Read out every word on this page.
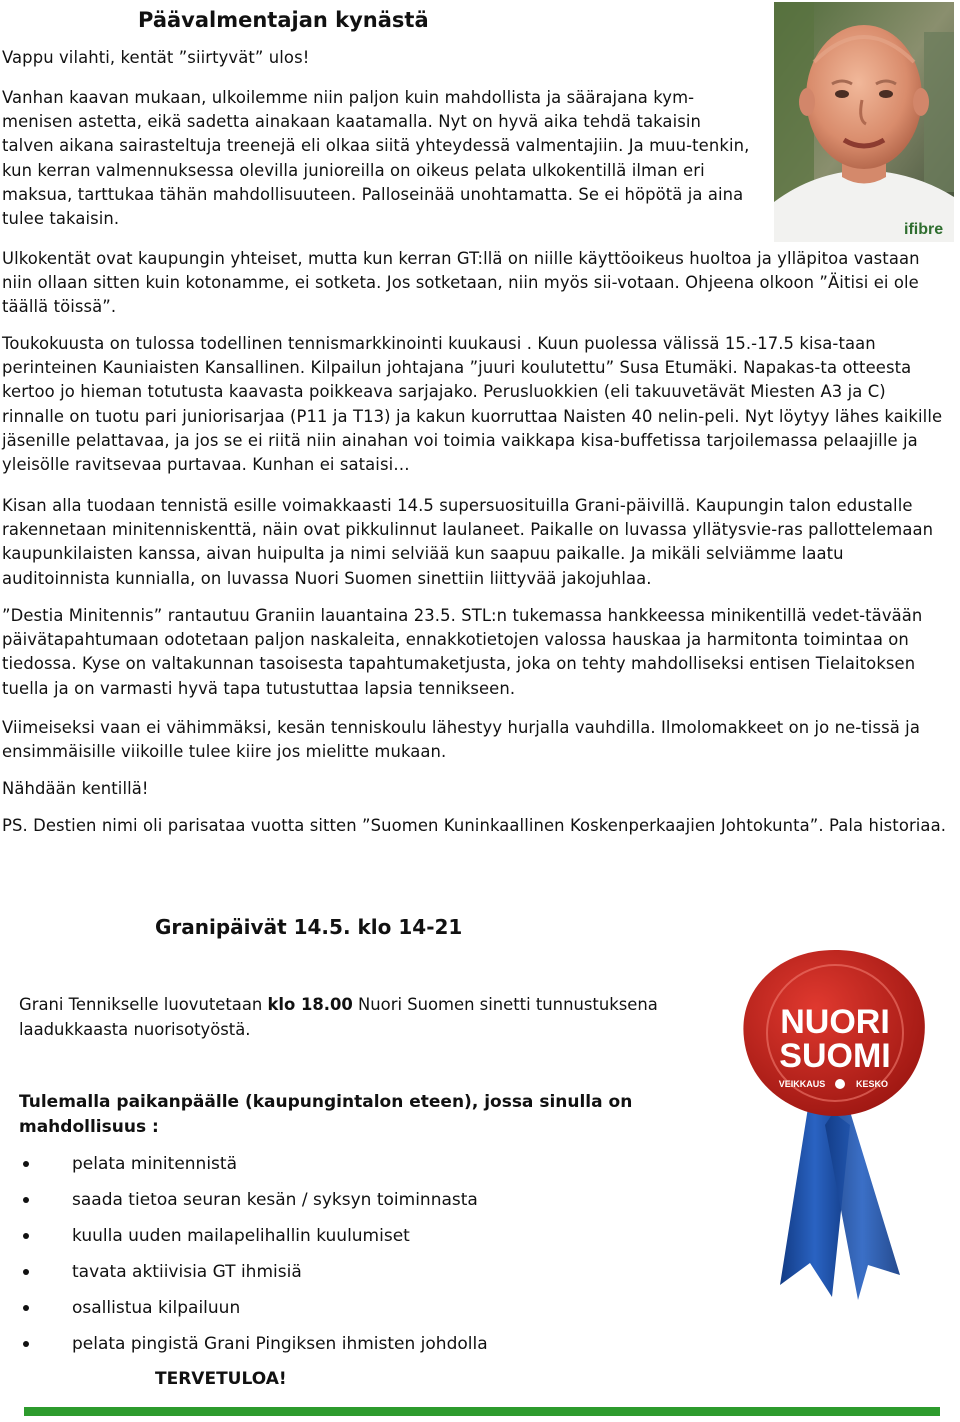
Päävalmentajan kynästä
ifibre

Vappu vilahti, kentät ”siirtyvät” ulos!

Vanhan kaavan mukaan, ulkoilemme niin paljon kuin mahdollista ja säärajana kym-menisen astetta, eikä sadetta ainakaan kaatamalla. Nyt on hyvä aika tehdä takaisin talven aikana sairasteltuja treenejä eli olkaa siitä yhteydessä valmentajiin. Ja muu-tenkin, kun kerran valmennuksessa olevilla junioreilla on oikeus pelata ulkokentillä ilman eri maksua, tarttukaa tähän mahdollisuuteen. Palloseinää unohtamatta. Se ei höpötä ja aina tulee takaisin.

Ulkokentät ovat kaupungin yhteiset, mutta kun kerran GT:llä on niille käyttöoikeus huoltoa ja ylläpitoa vastaan niin ollaan sitten kuin kotonamme, ei sotketa. Jos sotketaan, niin myös sii-votaan. Ohjeena olkoon ”Äitisi ei ole täällä töissä”.

Toukokuusta on tulossa todellinen tennismarkkinointi kuukausi . Kuun puolessa välissä 15.-17.5 kisa-taan perinteinen Kauniaisten Kansallinen. Kilpailun johtajana ”juuri koulutettu” Susa Etumäki. Napakas-ta otteesta kertoo jo hieman totutusta kaavasta poikkeava sarjajako. Perusluokkien (eli takuuvetävät Miesten A3 ja C) rinnalle on tuotu pari juniorisarjaa (P11 ja T13) ja kakun kuorruttaa Naisten 40 nelin-peli. Nyt löytyy lähes kaikille jäsenille pelattavaa, ja jos se ei riitä niin ainahan voi toimia vaikkapa kisa-buffetissa tarjoilemassa pelaajille ja yleisölle ravitsevaa purtavaa. Kunhan ei sataisi…

Kisan alla tuodaan tennistä esille voimakkaasti 14.5 supersuosituilla Grani-päivillä. Kaupungin talon edustalle rakennetaan minitenniskenttä, näin ovat pikkulinnut laulaneet. Paikalle on luvassa yllätysvie-ras pallottelemaan kaupunkilaisten kanssa, aivan huipulta ja nimi selviää kun saapuu paikalle. Ja mikäli selviämme laatu auditoinnista kunnialla, on luvassa Nuori Suomen sinettiin liittyvää jakojuhlaa.

”Destia Minitennis” rantautuu Graniin lauantaina 23.5. STL:n tukemassa hankkeessa minikentillä vedet-tävään päivätapahtumaan odotetaan paljon naskaleita, ennakkotietojen valossa hauskaa ja harmitonta toimintaa on tiedossa. Kyse on valtakunnan tasoisesta tapahtumaketjusta, joka on tehty mahdolliseksi entisen Tielaitoksen tuella ja on varmasti hyvä tapa tutustuttaa lapsia tennikseen.

Viimeiseksi vaan ei vähimmäksi, kesän tenniskoulu lähestyy hurjalla vauhdilla. Ilmolomakkeet on jo ne-tissä ja ensimmäisille viikoille tulee kiire jos mielitte mukaan.

Nähdään kentillä!

PS. Destien nimi oli parisataa vuotta sitten ”Suomen Kuninkaallinen Koskenperkaajien Johtokunta”. Pala historiaa.

Granipäivät 14.5. klo 14-21

Grani Tennikselle luovutetaan klo 18.00 Nuori Suomen sinetti tunnustuksena laadukkaasta nuorisotyöstä.

Tulemalla paikanpäälle (kaupungintalon eteen), jossa sinulla on mahdollisuus :

pelata minitennistä
saada tietoa seuran kesän / syksyn toiminnasta
kuulla uuden mailapelihallin kuulumiset
tavata aktiivisia GT ihmisiä
osallistua kilpailuun
pelata pingistä Grani Pingiksen ihmisten johdolla
TERVETULOA!
NUORI
SUOMI
VEIKKAUS	KESKO
